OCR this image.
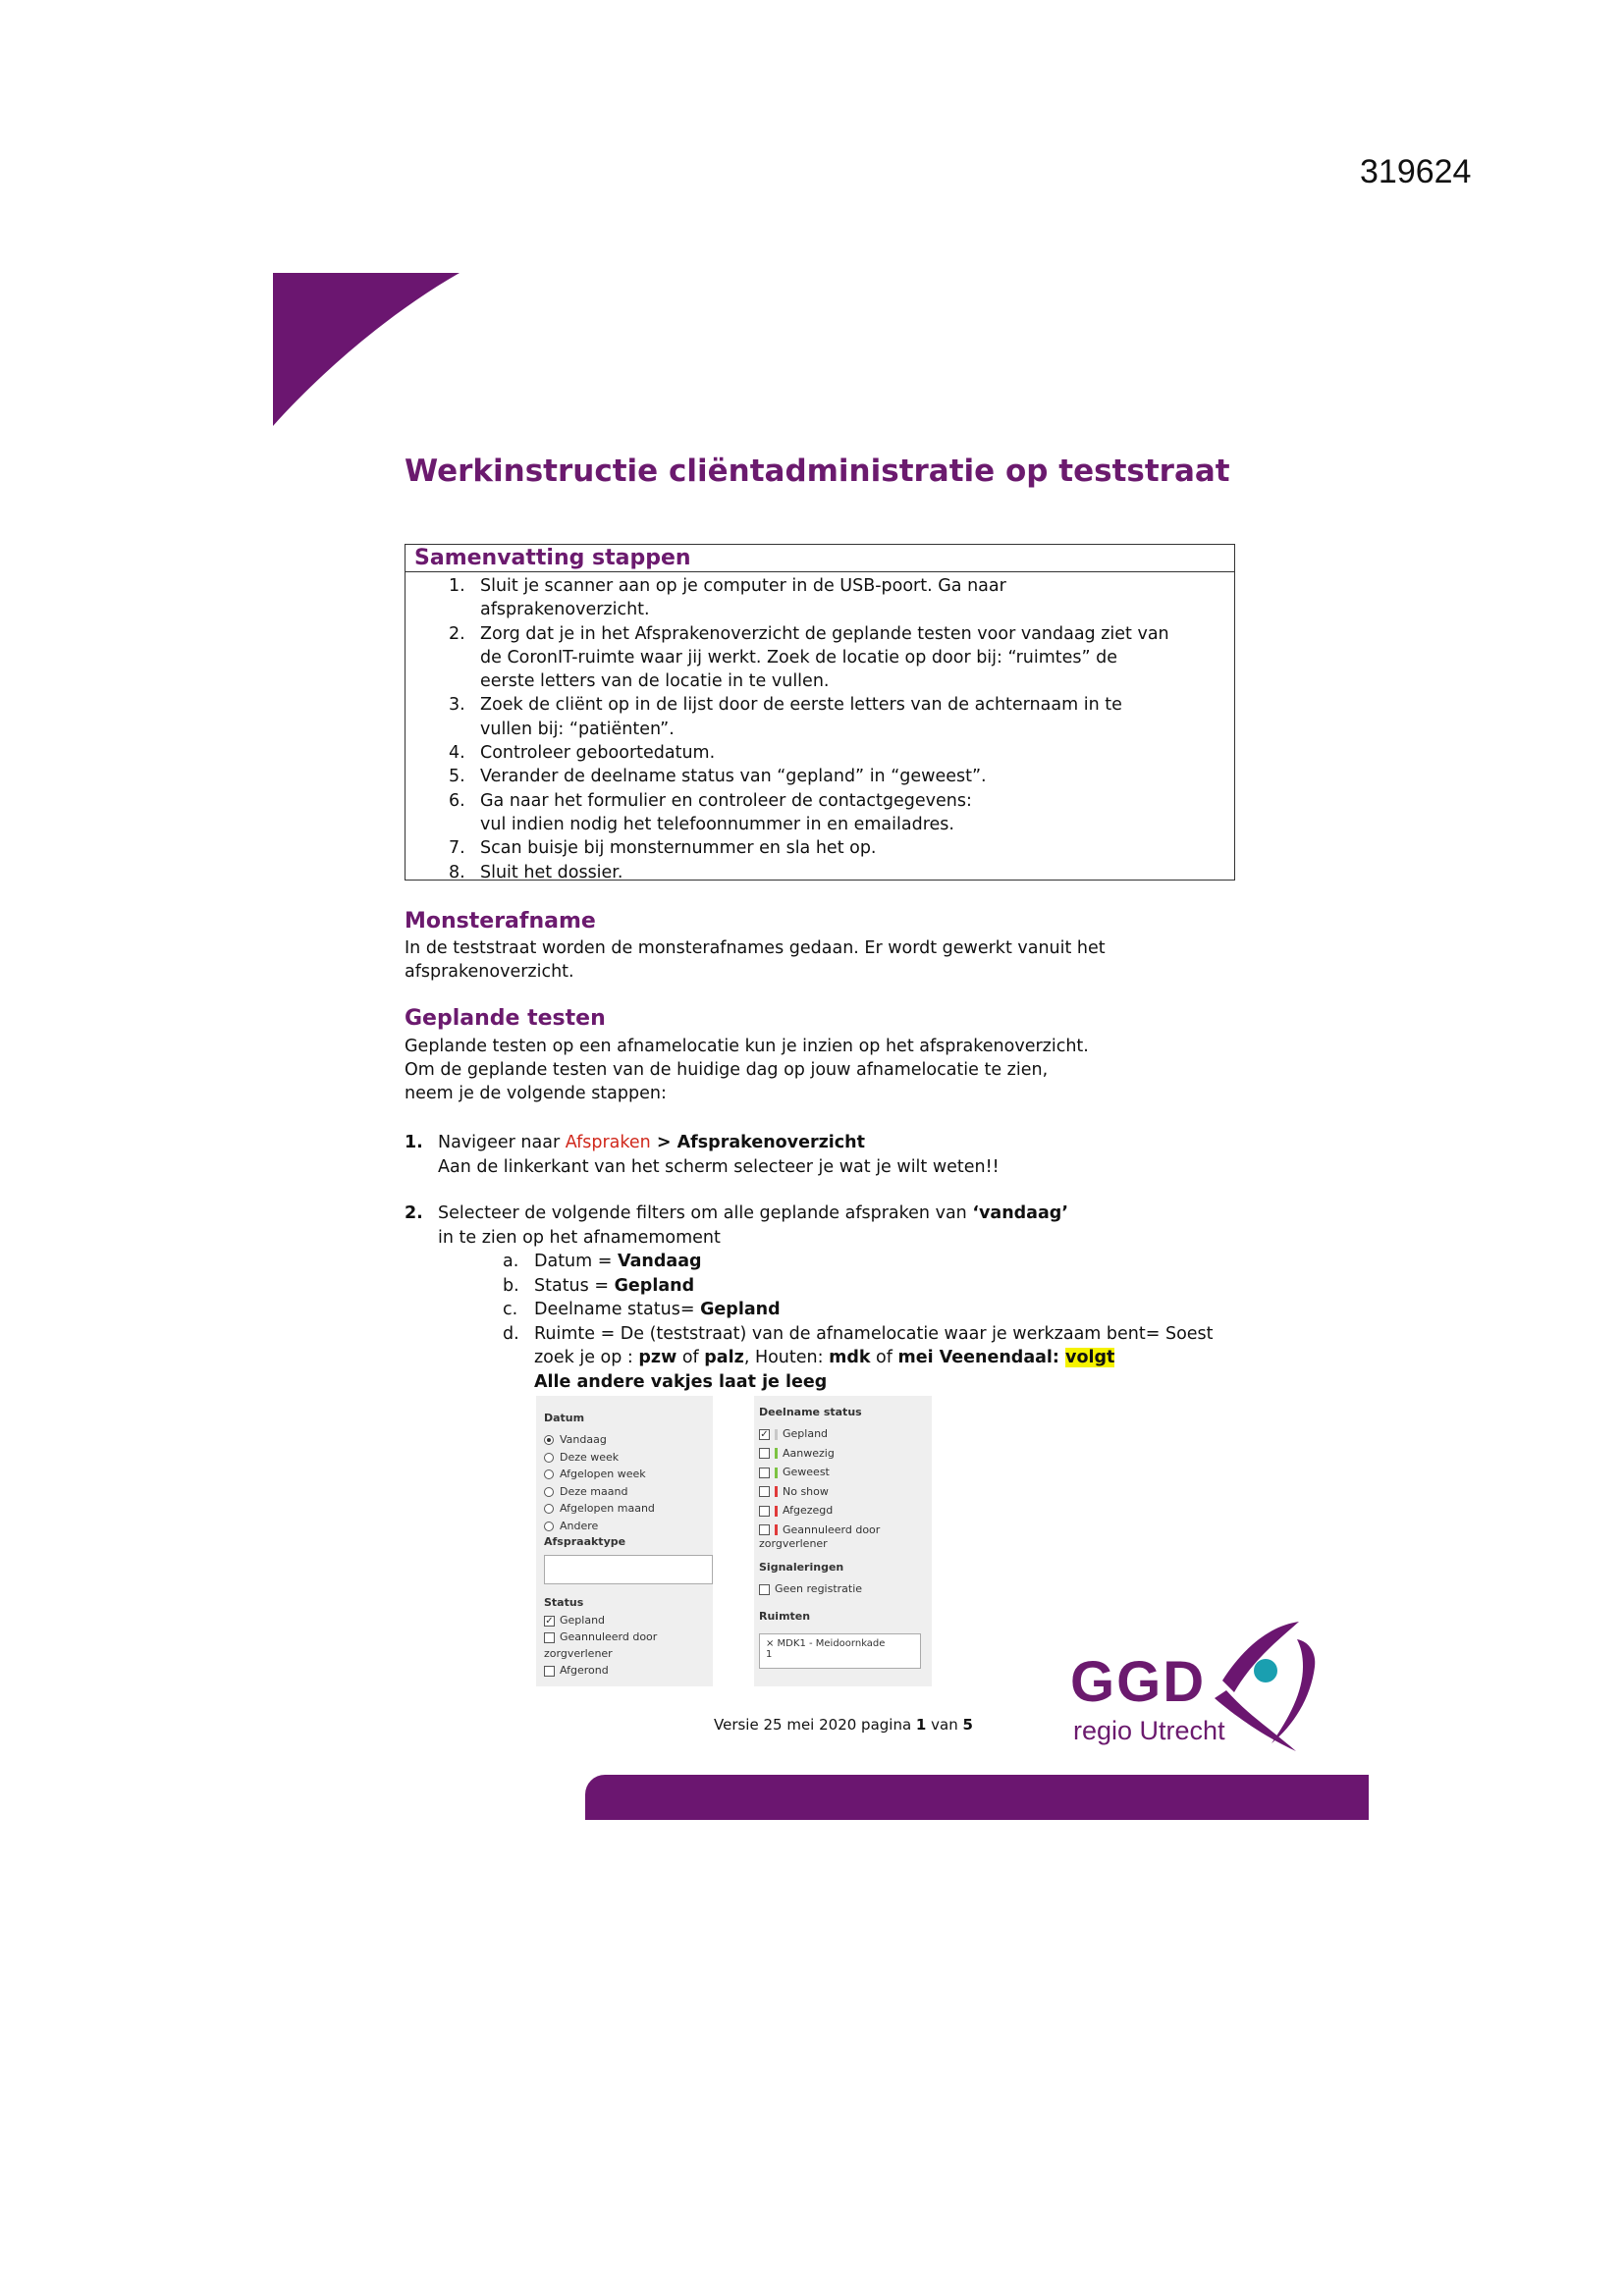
319624
Werkinstructie cliëntadministratie op teststraat
Samenvatting stappen
1. Sluit je scanner aan op je computer in de USB-poort. Ga naar
afsprakenoverzicht.
2. Zorg dat je in het Afsprakenoverzicht de geplande testen voor vandaag ziet van
de CoronIT-ruimte waar jij werkt. Zoek de locatie op door bij: “ruimtes” de
eerste letters van de locatie in te vullen.
3. Zoek de cliënt op in de lijst door de eerste letters van de achternaam in te
vullen bij: “patiënten”.
4. Controleer geboortedatum.
5. Verander de deelname status van “gepland” in “geweest”.
6. Ga naar het formulier en controleer de contactgegevens:
vul indien nodig het telefoonnummer in en emailadres.
7. Scan buisje bij monsternummer en sla het op.
8. Sluit het dossier.
Monsterafname
In de teststraat worden de monsterafnames gedaan. Er wordt gewerkt vanuit het
afsprakenoverzicht.
Geplande testen
Geplande testen op een afnamelocatie kun je inzien op het afsprakenoverzicht.
Om de geplande testen van de huidige dag op jouw afnamelocatie te zien,
neem je de volgende stappen:
1. Navigeer naar Afspraken > Afsprakenoverzicht
Aan de linkerkant van het scherm selecteer je wat je wilt weten!!
2. Selecteer de volgende filters om alle geplande afspraken van ‘vandaag’
in te zien op het afnamemoment
a. Datum = Vandaag
b. Status = Gepland
c. Deelname status= Gepland
d. Ruimte = De (teststraat) van de afnamelocatie waar je werkzaam bent= Soest
zoek je op : pzw of palz, Houten: mdk of mei Veenendaal: volgt
Alle andere vakjes laat je leeg
Datum
Vandaag
Deze week
Afgelopen week
Deze maand
Afgelopen maand
Andere
Afspraaktype
Status
✓ Gepland
Geannuleerd door
zorgverlener
Afgerond
Deelname status
✓ Gepland
Aanwezig
Geweest
No show
Afgezegd
Geannuleerd door
zorgverlener
Signaleringen
Geen registratie
Ruimten
× MDK1 - Meidoornkade
1
Versie 25 mei 2020 pagina 1 van 5
GGD
regio Utrecht
